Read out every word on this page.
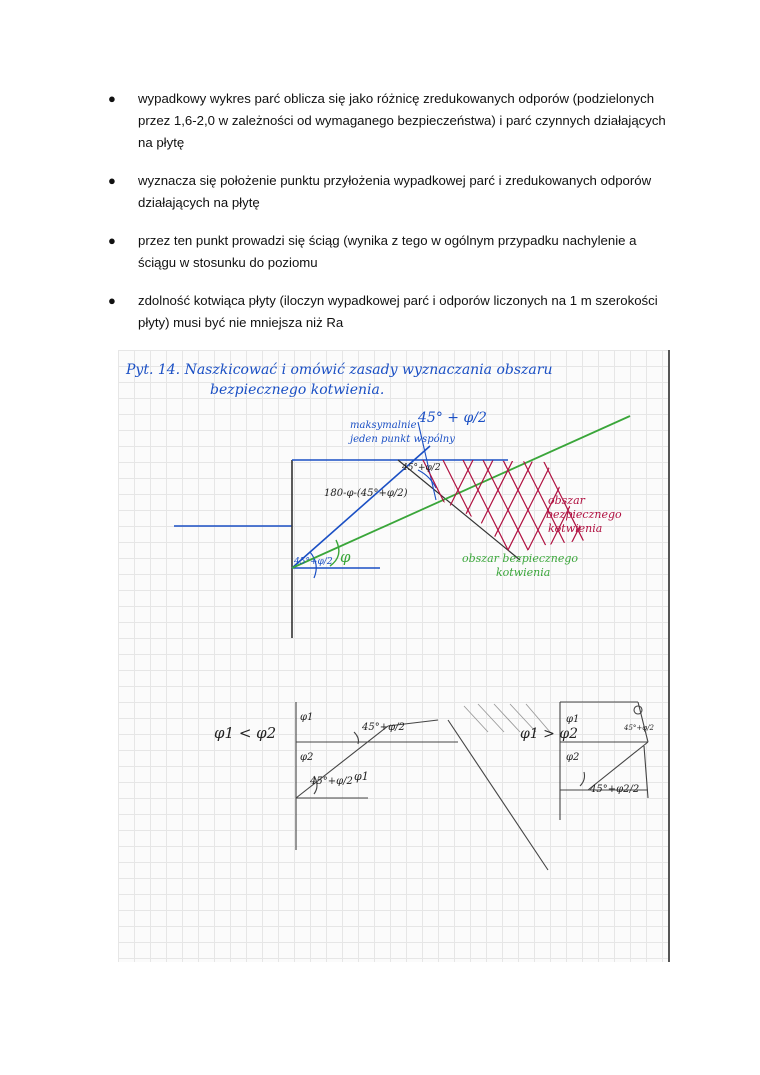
●	wypadkowy wykres parć oblicza się jako różnicę zredukowanych odporów (podzielonych przez 1,6-2,0 w zależności od wymaganego bezpieczeństwa) i parć czynnych działających na płytę
●	wyznacza się położenie punktu przyłożenia wypadkowej parć i zredukowanych odporów działających na płytę
●	przez ten punkt prowadzi się ściąg (wynika z tego w ogólnym przypadku nachylenie a ściągu w stosunku do poziomu
●	zdolność kotwiąca płyty (iloczyn wypadkowej parć i odporów liczonych na 1 m szerokości płyty) musi być nie mniejsza niż Ra
Pyt. 14. Naszkicować i omówić zasady wyznaczania obszaru
bezpiecznego kotwienia.
45° + φ/2
maksymalnie
jeden punkt wspólny
45°+φ/2
180-φ-(45°+φ/2)
obszar
bezpiecznego
kotwienia
obszar bezpiecznego
kotwienia
45°+φ/2 φ
φ1 < φ2
φ1
φ2
45°+φ/2
45°+φ/2 φ1
φ1 > φ2
φ1
φ2
45°+φ2/2
45°+φ/2
